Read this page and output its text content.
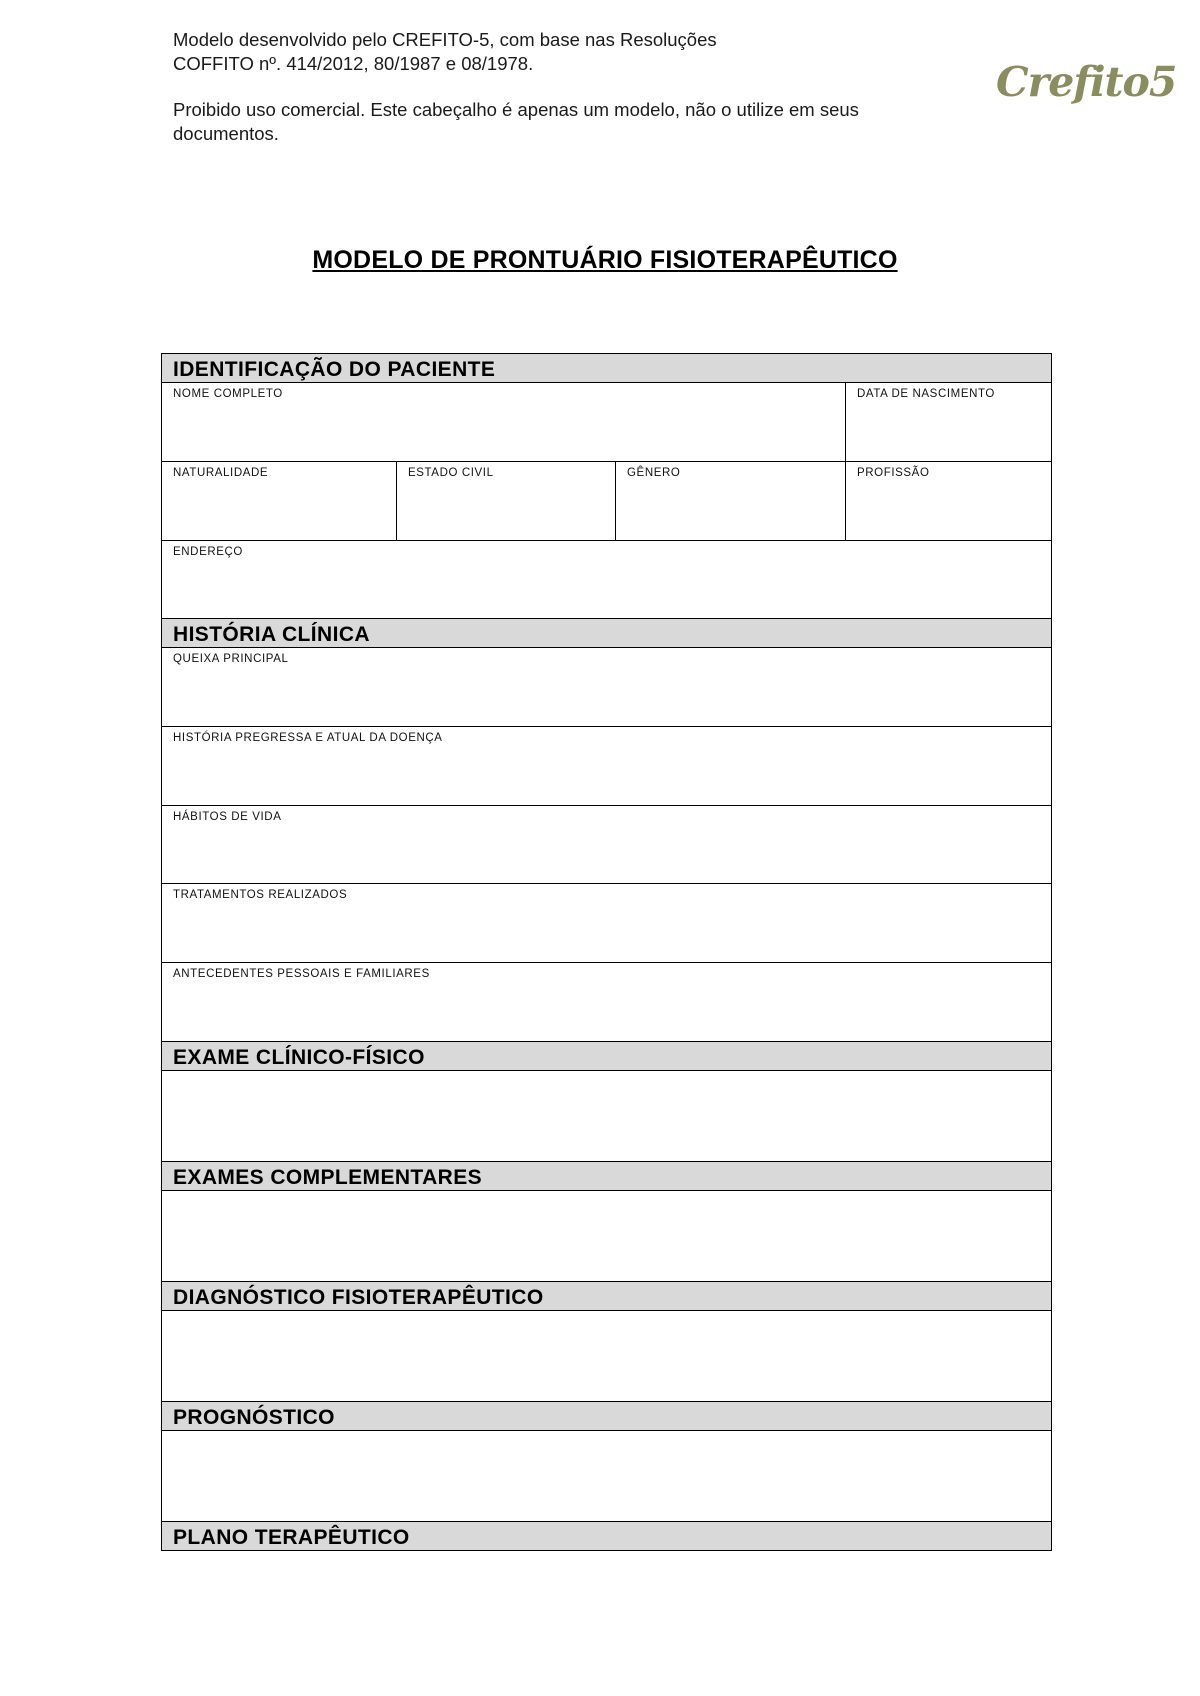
Modelo desenvolvido pelo CREFITO-5, com base nas Resoluções

COFFITO nº. 414/2012, 80/1987 e 08/1978.

Proibido uso comercial. Este cabeçalho é apenas um modelo, não o utilize em seus

documentos.

Crefito5
MODELO DE PRONTUÁRIO FISIOTERAPÊUTICO
IDENTIFICAÇÃO DO PACIENTE
NOME COMPLETO	DATA DE NASCIMENTO
NATURALIDADE	ESTADO CIVIL	GÊNERO	PROFISSÃO
ENDEREÇO
HISTÓRIA CLÍNICA
QUEIXA PRINCIPAL
HISTÓRIA PREGRESSA E ATUAL DA DOENÇA
HÁBITOS DE VIDA
TRATAMENTOS REALIZADOS
ANTECEDENTES PESSOAIS E FAMILIARES
EXAME CLÍNICO-FÍSICO
EXAMES COMPLEMENTARES
DIAGNÓSTICO FISIOTERAPÊUTICO
PROGNÓSTICO
PLANO TERAPÊUTICO
